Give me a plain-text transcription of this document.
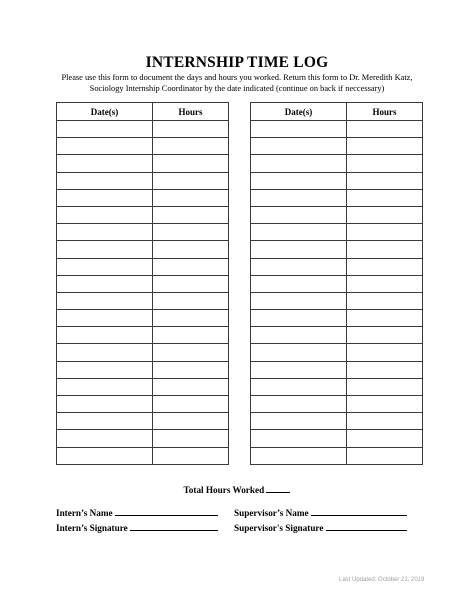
INTERNSHIP TIME LOG
Please use this form to document the days and hours you worked. Return this form to Dr. Meredith Katz,
Sociology Internship Coordinator by the date indicated (continue on back if neccessary)
Date(s)	Hours

		Date(s)	Hours

Total Hours Worked
Intern’s Name	Supervisor’s Name
Intern’s Signature	Supervisor's Signature
Last Updated: October 21, 2019
